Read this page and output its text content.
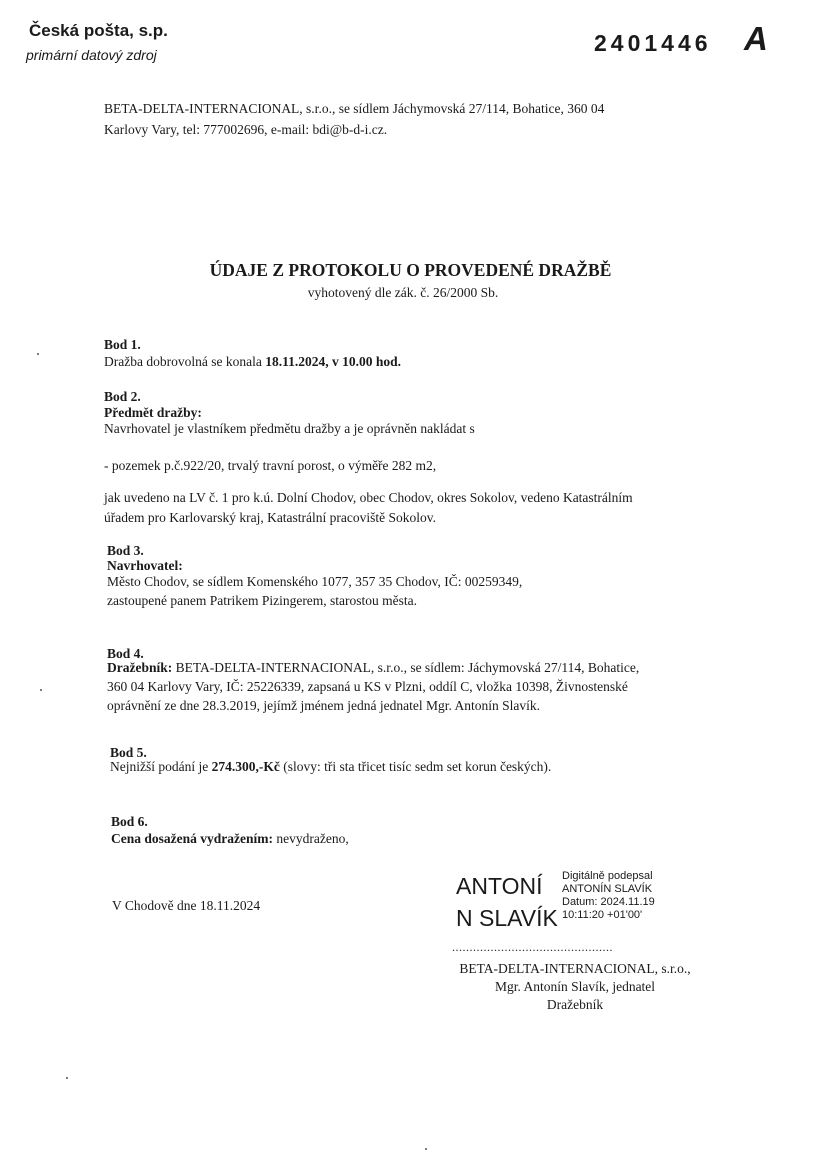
Česká pošta, s.p.
primární datový zdroj	2401446 A
BETA-DELTA-INTERNACIONAL, s.r.o., se sídlem Jáchymovská 27/114, Bohatice, 360 04
Karlovy Vary, tel: 777002696, e-mail: bdi@b-d-i.cz.
ÚDAJE Z PROTOKOLU O PROVEDENÉ DRAŽBĚ
vyhotovený dle zák. č. 26/2000 Sb.
Bod 1.
Dražba dobrovolná se konala 18.11.2024, v 10.00 hod.
Bod 2.
Předmět dražby:
Navrhovatel je vlastníkem předmětu dražby a je oprávněn nakládat s
- pozemek p.č.922/20, trvalý travní porost, o výměře 282 m2,
jak uvedeno na LV č. 1 pro k.ú. Dolní Chodov, obec Chodov, okres Sokolov, vedeno Katastrálním
úřadem pro Karlovarský kraj, Katastrální pracoviště Sokolov.
Bod 3.
Navrhovatel:
Město Chodov, se sídlem Komenského 1077, 357 35 Chodov, IČ: 00259349,
zastoupené panem Patrikem Pizingerem, starostou města.
Bod 4.
Dražebník: BETA-DELTA-INTERNACIONAL, s.r.o., se sídlem: Jáchymovská 27/114, Bohatice,
360 04 Karlovy Vary, IČ: 25226339, zapsaná u KS v Plzni, oddíl C, vložka 10398, Živnostenské
oprávnění ze dne 28.3.2019, jejímž jménem jedná jednatel Mgr. Antonín Slavík.
Bod 5.
Nejnižší podání je 274.300,-Kč (slovy: tři sta třicet tisíc sedm set korun českých).
Bod 6.
Cena dosažená vydražením: nevydraženo,
V Chodově dne 18.11.2024
ANTONÍ
N SLAVÍK
Digitálně podepsal
ANTONÍN SLAVÍK
Datum: 2024.11.19
10:11:20 +01'00'
..............................................
BETA-DELTA-INTERNACIONAL, s.r.o.,
Mgr. Antonín Slavík, jednatel
Dražebník
